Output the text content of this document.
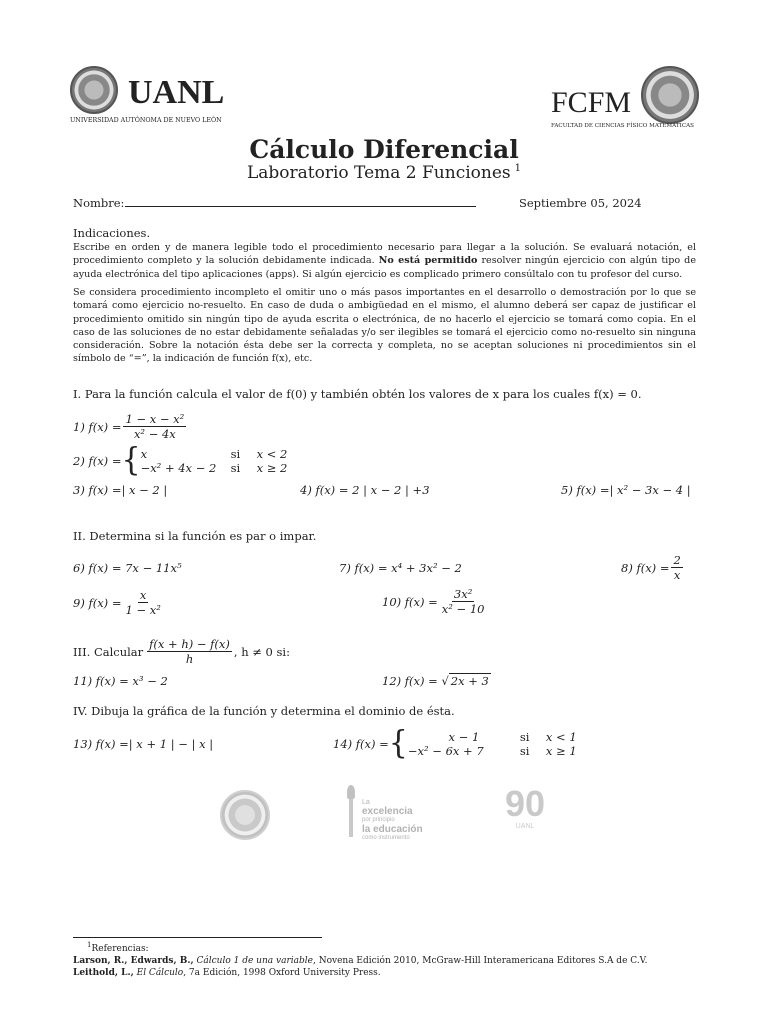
UANL
UNIVERSIDAD AUTÓNOMA DE NUEVO LEÓN
FCFM
FACULTAD DE CIENCIAS FÍSICO MATEMÁTICAS
Cálculo Diferencial
Laboratorio Tema 2 Funciones $^1$
Nombre:	Septiembre 05, 2024
Indicaciones.
Escribe en orden y de manera legible todo el procedimiento necesario para llegar a la solución. Se evaluará notación, el procedimiento completo y la solución debidamente indicada. No está permitido resolver ningún ejercicio con algún tipo de ayuda electrónica del tipo aplicaciones (apps). Si algún ejercicio es complicado primero consúltalo con tu profesor del curso.
Se considera procedimiento incompleto el omitir uno o más pasos importantes en el desarrollo o demostración por lo que se tomará como ejercicio no-resuelto. En caso de duda o ambigüedad en el mismo, el alumno deberá ser capaz de justificar el procedimiento omitido sin ningún tipo de ayuda escrita o electrónica, de no hacerlo el ejercicio se tomará como copia. En el caso de las soluciones de no estar debidamente señaladas y/o ser ilegibles se tomará el ejercicio como no-resuelto sin ninguna consideración. Sobre la notación ésta debe ser la correcta y completa, no se aceptan soluciones ni procedimientos sin el símbolo de “=”, la indicación de función f(x), etc.
I. Para la función calcula el valor de f(0) y también obtén los valores de x para los cuales f(x) = 0.
1) $f(x) = \frac{\text{1 − x − x²}}{\text{x² − 4x}}$
2) f(x) = { x	si	x < 2
−x² + 4x − 2	si	x ≥ 2
3) f(x) =| x − 2 |	4) f(x) = 2 | x − 2 | +3	5) f(x) =| x² − 3x − 4 |
II. Determina si la función es par o impar.
6) f(x) = 7x − 11x⁵	7) f(x) = x⁴ + 3x² − 2	8) $f(x) = \frac{2}{x}$
9) $f(x) = \frac{x}{\text{1 − x²}}$	10) $f(x) = \frac{\text{3x²}}{\text{x² − 10}}$
III. Calcular $\frac{f(x + h) - f(x)}{h}$ , h ≠ 0 si:
11) f(x) = x³ − 2	12) f(x) = √ 2x + 3
IV. Dibuja la gráfica de la función y determina el dominio de ésta.
13) f(x) =| x + 1 | − | x |	14) f(x) = {	x − 1	si	x < 1
−x² − 6x + 7	si	x ≥ 1
La
excelencia
por principio
la educación
como instrumento
90
UANL
$^1$Referencias:
Larson, R., Edwards, B., Cálculo 1 de una variable, Novena Edición 2010, McGraw-Hill Interamericana Editores S.A de C.V.
Leithold, L., El Cálculo, 7a Edición, 1998 Oxford University Press.
